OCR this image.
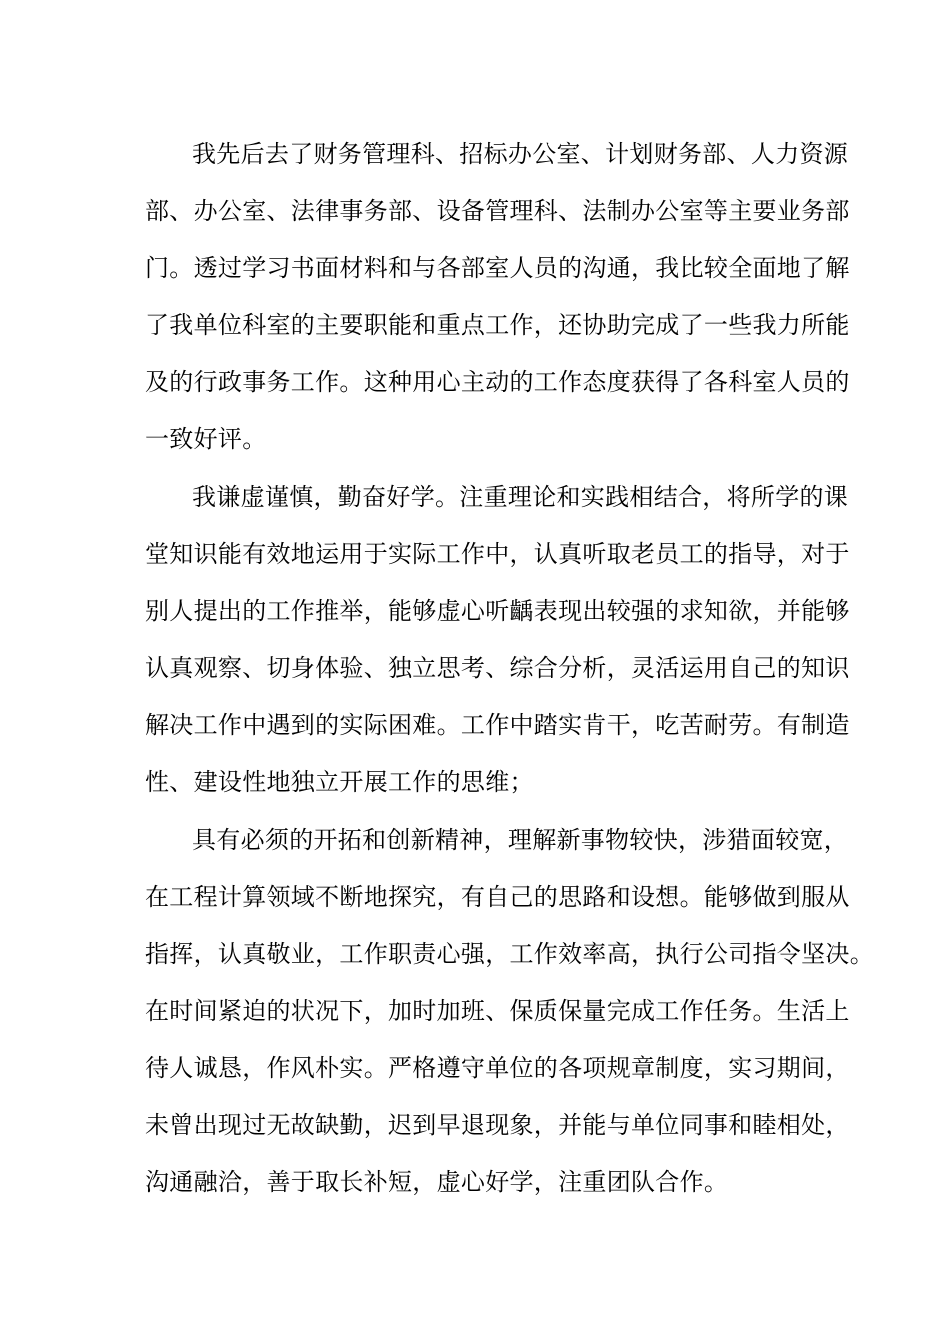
我先后去了财务管理科、招标办公室、计划财务部、人力资源
部、办公室、法律事务部、设备管理科、法制办公室等主要业务部
门。透过学习书面材料和与各部室人员的沟通，我比较全面地了解
了我单位科室的主要职能和重点工作，还协助完成了一些我力所能
及的行政事务工作。这种用心主动的工作态度获得了各科室人员的
一致好评。
我谦虚谨慎，勤奋好学。注重理论和实践相结合，将所学的课
堂知识能有效地运用于实际工作中，认真听取老员工的指导，对于
别人提出的工作推举，能够虚心听齲表现出较强的求知欲，并能够
认真观察、切身体验、独立思考、综合分析，灵活运用自己的知识
解决工作中遇到的实际困难。工作中踏实肯干，吃苦耐劳。有制造
性、建设性地独立开展工作的思维；
具有必须的开拓和创新精神，理解新事物较快，涉猎面较宽，
在工程计算领域不断地探究，有自己的思路和设想。能够做到服从
指挥，认真敬业，工作职责心强，工作效率高，执行公司指令坚决。
在时间紧迫的状况下，加时加班、保质保量完成工作任务。生活上
待人诚恳，作风朴实。严格遵守单位的各项规章制度，实习期间，
未曾出现过无故缺勤，迟到早退现象，并能与单位同事和睦相处，
沟通融洽，善于取长补短，虚心好学，注重团队合作。
